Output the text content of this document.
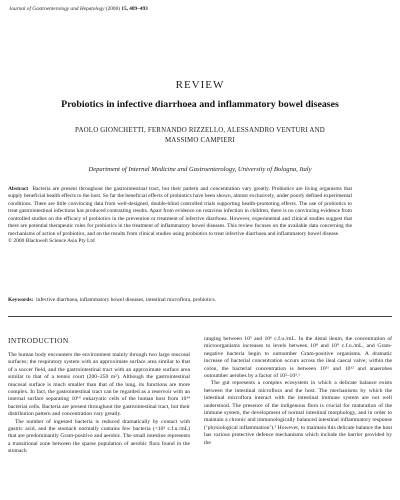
Journal of Gastroenterology and Hepatology (2000) 15, 489–493
REVIEW
Probiotics in infective diarrhoea and inflammatory bowel diseases
PAOLO GIONCHETTI, FERNANDO RIZZELLO, ALESSANDRO VENTURI AND
MASSIMO CAMPIERI
Department of Internal Medicine and Gastroenterology, University of Bologna, Italy
Abstract Bacteria are present throughout the gastrointestinal tract, but their pattern and concentration vary greatly. Probiotics are living organisms that supply beneficial health effects to the host. So far the beneficial effects of probiotics have been shown, almost exclusively, under poorly defined experimental conditions. There are little convincing data from well-designed, double-blind controlled trials supporting health-promoting effects. The use of probiotics to treat gastrointestinal infections has produced contrasting results. Apart from evidence on rotavirus infection in children, there is no convincing evidence from controlled studies on the efficacy of probiotics in the prevention or treatment of infective diarrhoea. However, experimental and clinical studies suggest that there are potential therapeutic roles for probiotics in the treatment of inflammatory bowel diseases. This review focuses on the available data concerning the mechanisms of action of probiotics, and on the results from clinical studies using probiotics to treat infective diarrhoea and inflammatory bowel disease.
© 2000 Blackwell Science Asia Pty Ltd
Keywords: infective diarrhoea, inflammatory bowel diseases, intestinal microflora, probiotics.
INTRODUCTION

The human body encounters the environment mainly through two large mucosal surfaces; the respiratory system with an approximate surface area similar to that of a soccer field, and the gastrointestinal tract with an approximate surface area similar to that of a tennis court (200–250 m²). Although the gastrointestinal mucosal surface is much smaller than that of the lung, its functions are more complex. In fact, the gastrointestinal tract can be regarded as a reservoir with an internal surface separating 10¹⁴ eukaryotic cells of the human host from 10¹⁴ bacterial cells. Bacteria are present throughout the gastrointestinal tract, but their distribution pattern and concentration vary greatly.

The number of ingested bacteria is reduced dramatically by contact with gastric acid, and the stomach normally contains few bacteria (<10³ c.f.u./mL) that are predominantly Gram-positive and aerobic. The small intestine represents a transitional zone between the sparse population of aerobic flora found in the stomach

ranging between 10⁵ and 10⁶ c.f.u./mL. In the distal ileum, the concentration of microorganisms increases to levels between 10⁸ and 10⁹ c.f.u./mL, and Gram-negative bacteria begin to outnumber Gram-positive organisms. A dramatic increase of bacterial concentration occurs across the ileal caecal valve; within the colon, the bacterial concentration is between 10¹¹ and 10¹² and anaerobes outnumber aerobes by a factor of 10²–10³.¹

The gut represents a complex ecosystem in which a delicate balance exists between the intestinal microflora and the host. The mechanisms by which the intestinal microflora interact with the intestinal immune system are not well understood. The presence of the indigenous flora is crucial for maturation of the immune system, the development of normal intestinal morphology, and in order to maintain a chronic and immunologically balanced intestinal inflammatory response (‘physiological inflammation’).² However, to maintain this delicate balance the host has various protective defence mechanisms which include the barrier provided by the
